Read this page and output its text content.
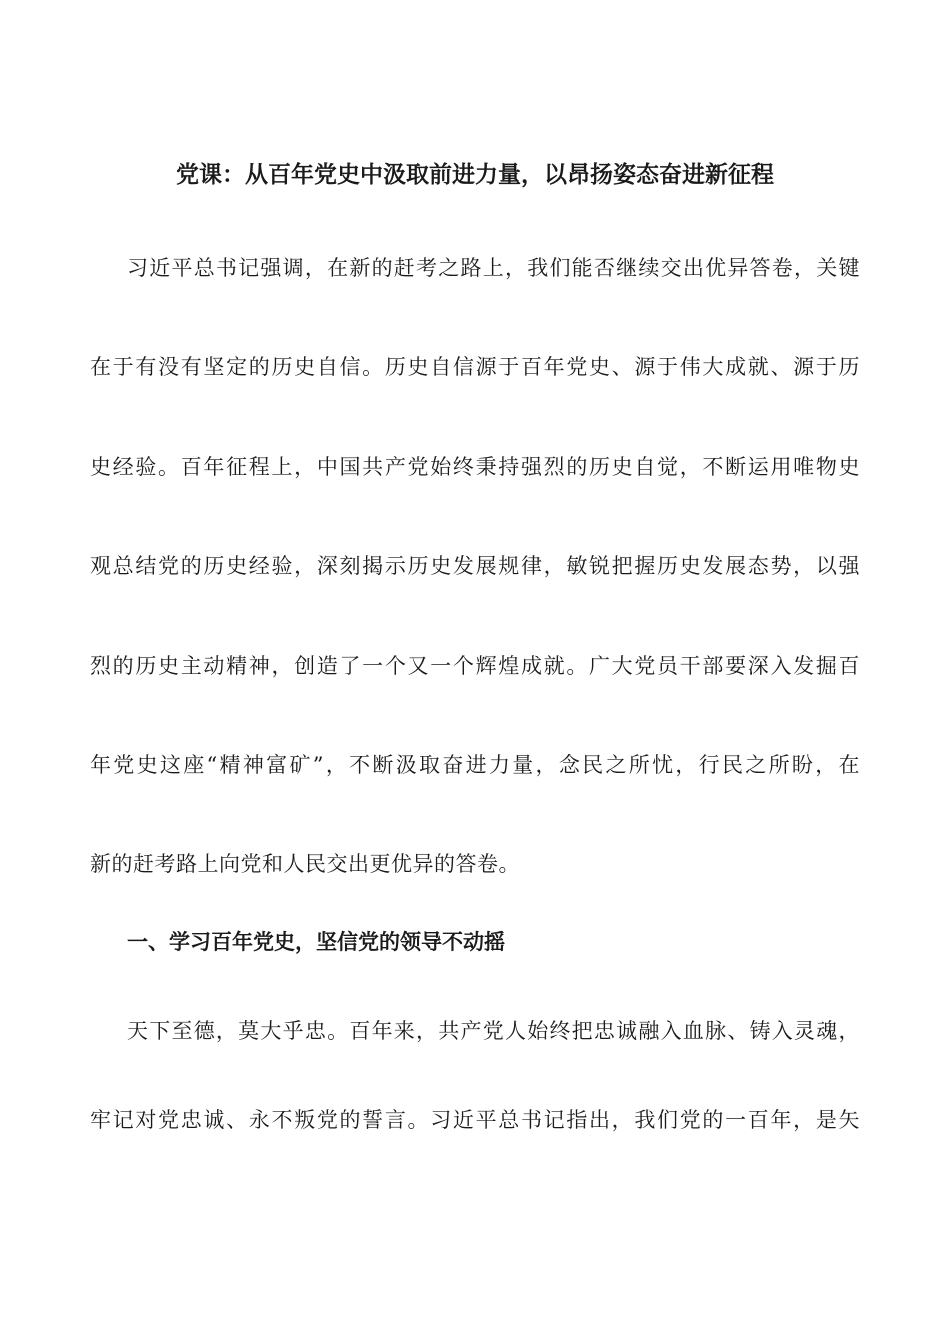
党课：从百年党史中汲取前进力量，以昂扬姿态奋进新征程
习近平总书记强调，在新的赶考之路上，我们能否继续交出优异答卷，关键
在于有没有坚定的历史自信。历史自信源于百年党史、源于伟大成就、源于历
史经验。百年征程上，中国共产党始终秉持强烈的历史自觉，不断运用唯物史
观总结党的历史经验，深刻揭示历史发展规律，敏锐把握历史发展态势，以强
烈的历史主动精神，创造了一个又一个辉煌成就。广大党员干部要深入发掘百
年党史这座“精神富矿”，不断汲取奋进力量，念民之所忧，行民之所盼，在
新的赶考路上向党和人民交出更优异的答卷。
一、学习百年党史，坚信党的领导不动摇
天下至德，莫大乎忠。百年来，共产党人始终把忠诚融入血脉、铸入灵魂，
牢记对党忠诚、永不叛党的誓言。习近平总书记指出，我们党的一百年，是矢
